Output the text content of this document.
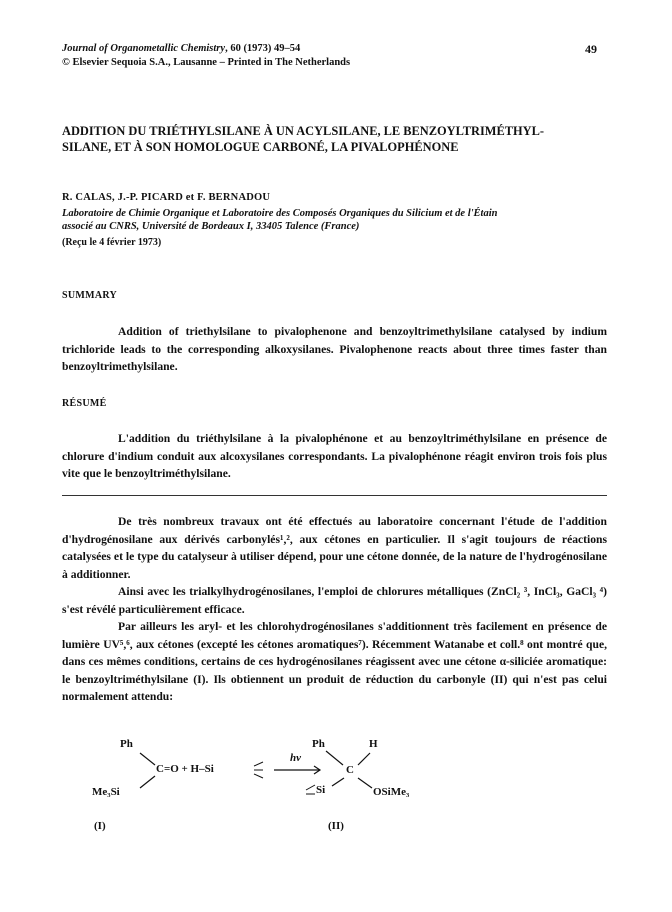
Journal of Organometallic Chemistry, 60 (1973) 49–54
© Elsevier Sequoia S.A., Lausanne – Printed in The Netherlands
49
ADDITION DU TRIÉTHYLSILANE À UN ACYLSILANE, LE BENZOYLTRIMÉTHYL-
SILANE, ET À SON HOMOLOGUE CARBONÉ, LA PIVALOPHÉNONE
R. CALAS, J.-P. PICARD et F. BERNADOU
Laboratoire de Chimie Organique et Laboratoire des Composés Organiques du Silicium et de l'Étain
associé au CNRS, Université de Bordeaux I, 33405 Talence (France)
(Reçu le 4 février 1973)
SUMMARY

Addition of triethylsilane to pivalophenone and benzoyltrimethylsilane catalysed by indium trichloride leads to the corresponding alkoxysilanes. Pivalophenone reacts about three times faster than benzoyltrimethylsilane.

RÉSUMÉ

L'addition du triéthylsilane à la pivalophénone et au benzoyltriméthylsilane en présence de chlorure d'indium conduit aux alcoxysilanes correspondants. La pivalophénone réagit environ trois fois plus vite que le benzoyltriméthylsilane.

De très nombreux travaux ont été effectués au laboratoire concernant l'étude de l'addition d'hydrogénosilane aux dérivés carbonylés¹,², aux cétones en particulier. Il s'agit toujours de réactions catalysées et le type du catalyseur à utiliser dépend, pour une cétone donnée, de la nature de l'hydrogénosilane à additionner.

Ainsi avec les trialkylhydrogénosilanes, l'emploi de chlorures métalliques (ZnCl₂ ³, InCl₃, GaCl₃ ⁴) s'est révélé particulièrement efficace.

Par ailleurs les aryl- et les chlorohydrogénosilanes s'additionnent très facilement en présence de lumière UV⁵,⁶, aux cétones (excepté les cétones aromatiques⁷). Récemment Watanabe et coll.⁸ ont montré que, dans ces mêmes conditions, certains de ces hydrogénosilanes réagissent avec une cétone α-siliciée aromatique: le benzoyltriméthylsilane (I). Ils obtiennent un produit de réduction du carbonyle (II) qui n'est pas celui normalement attendu:

Ph
Me₃Si
C=O + H–Si
hν
Ph	H
C
Si	OSiMe₃
(I)	(II)
